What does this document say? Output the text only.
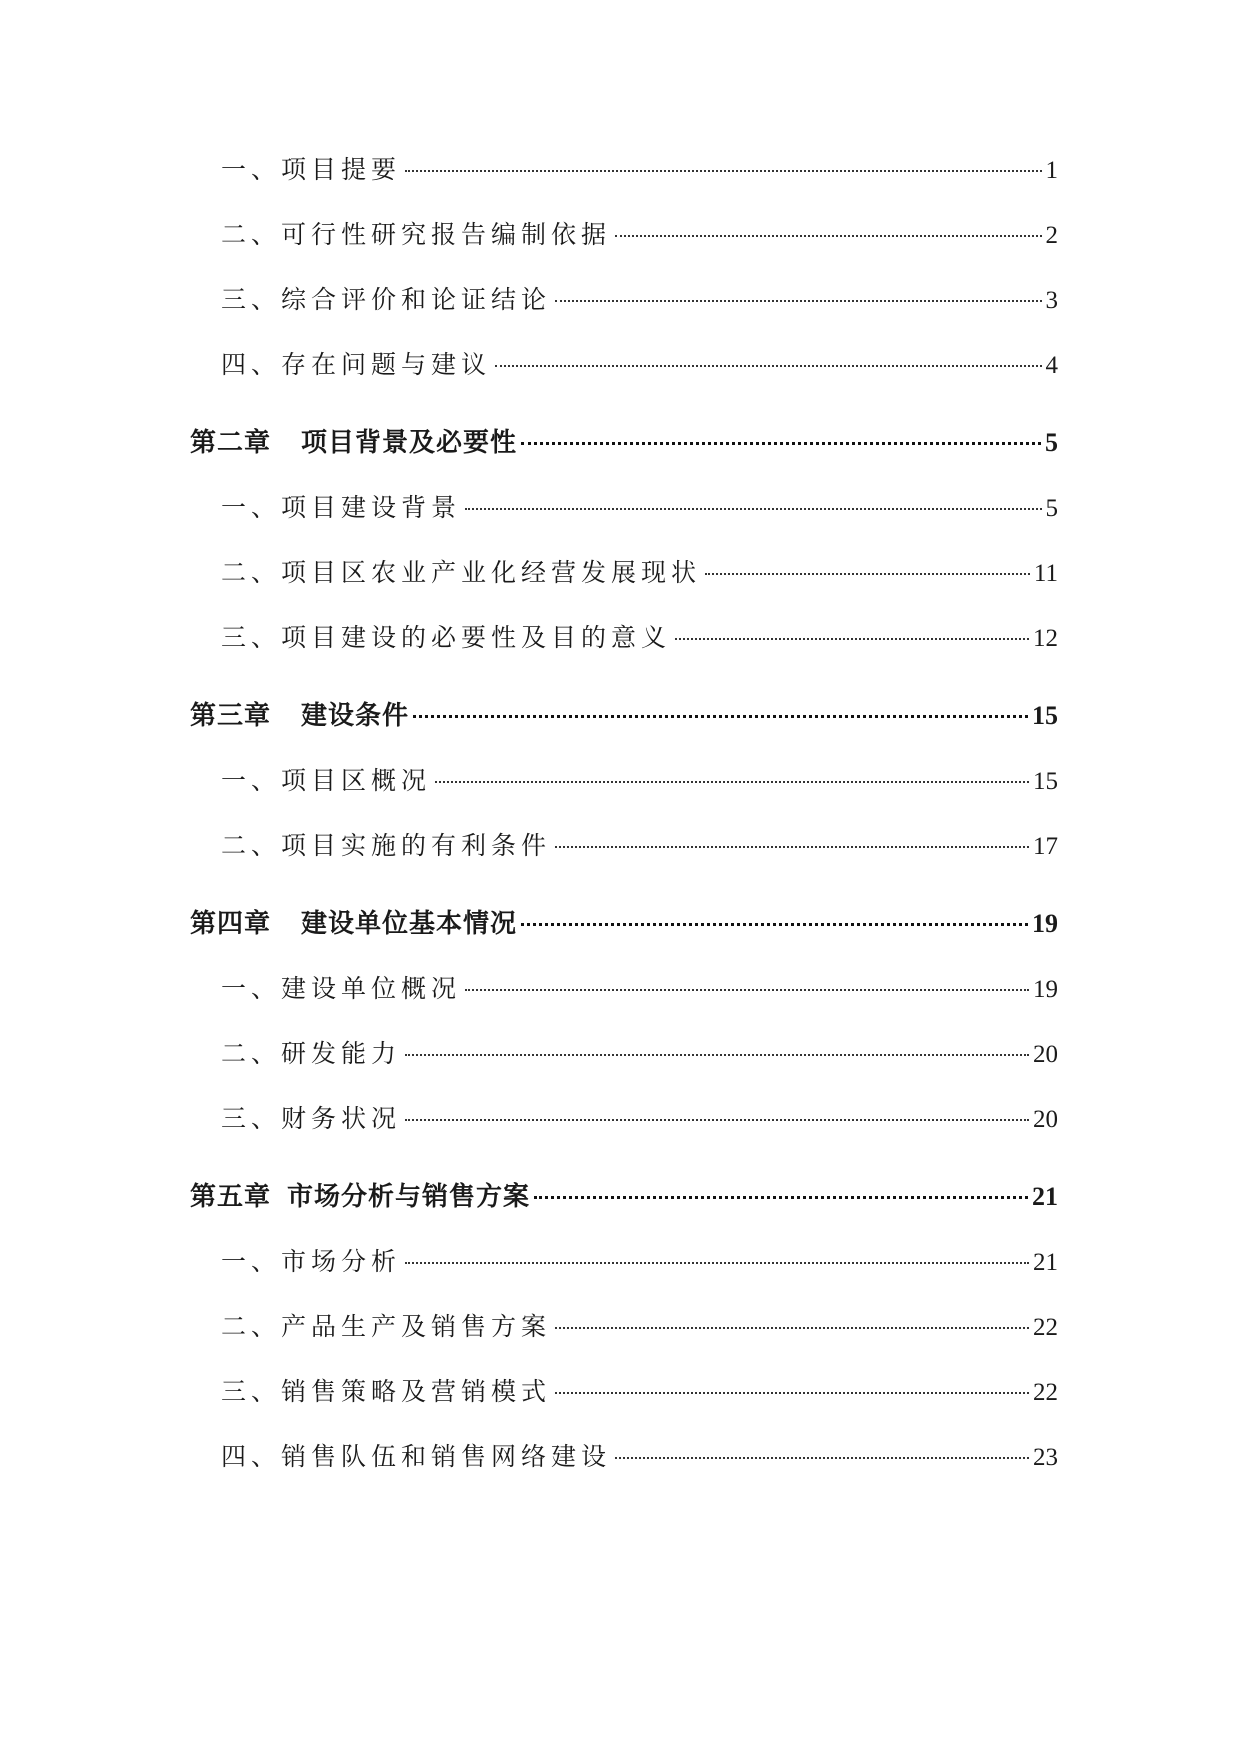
一、项目提要	1
二、可行性研究报告编制依据	2
三、综合评价和论证结论	3
四、存在问题与建议	4
第二章 项目背景及必要性	5
一、项目建设背景	5
二、项目区农业产业化经营发展现状	11
三、项目建设的必要性及目的意义	12
第三章 建设条件	15
一、项目区概况	15
二、项目实施的有利条件	17
第四章 建设单位基本情况	19
一、建设单位概况	19
二、研发能力	20
三、财务状况	20
第五章 市场分析与销售方案	21
一、市场分析	21
二、产品生产及销售方案	22
三、销售策略及营销模式	22
四、销售队伍和销售网络建设	23
